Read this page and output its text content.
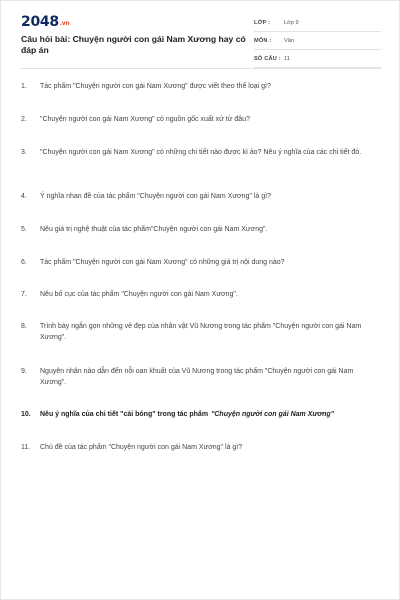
2048.vn
Câu hỏi bài: Chuyện người con gái Nam Xương hay có đáp án
LỚP :	Lớp 9
MÔN :	Văn
SỐ CÂU : 11
1.	Tác phẩm "Chuyện người con gái Nam Xương" được viết theo thể loại gì?
2.	"Chuyện người con gái Nam Xương" có nguồn gốc xuất xứ từ đâu?
3.	"Chuyện người con gái Nam Xương" có những chi tiết nào được kì ảo? Nêu ý nghĩa của các chi tiết đó.
4.	Ý nghĩa nhan đề của tác phẩm "Chuyện người con gái Nam Xương" là gì?
5.	Nêu giá trị nghệ thuật của tác phẩm"Chuyện người con gái Nam Xương".
6.	Tác phẩm "Chuyện người con gái Nam Xương" có những giá trị nội dung nào?
7.	Nêu bố cục của tác phẩm "Chuyện người con gái Nam Xương".
8.	Trình bày ngắn gọn những vẻ đẹp của nhân vật Vũ Nương trong tác phẩm "Chuyện người con gái Nam Xương".
9.	Nguyên nhân nào dẫn đến nỗi oan khuất của Vũ Nương trong tác phẩm "Chuyện người con gái Nam Xương".
10.	Nêu ý nghĩa của chi tiết "cái bóng" trong tác phẩm "Chuyện người con gái Nam Xương"
11.	Chủ đề của tác phẩm "Chuyện người con gái Nam Xương" là gì?
